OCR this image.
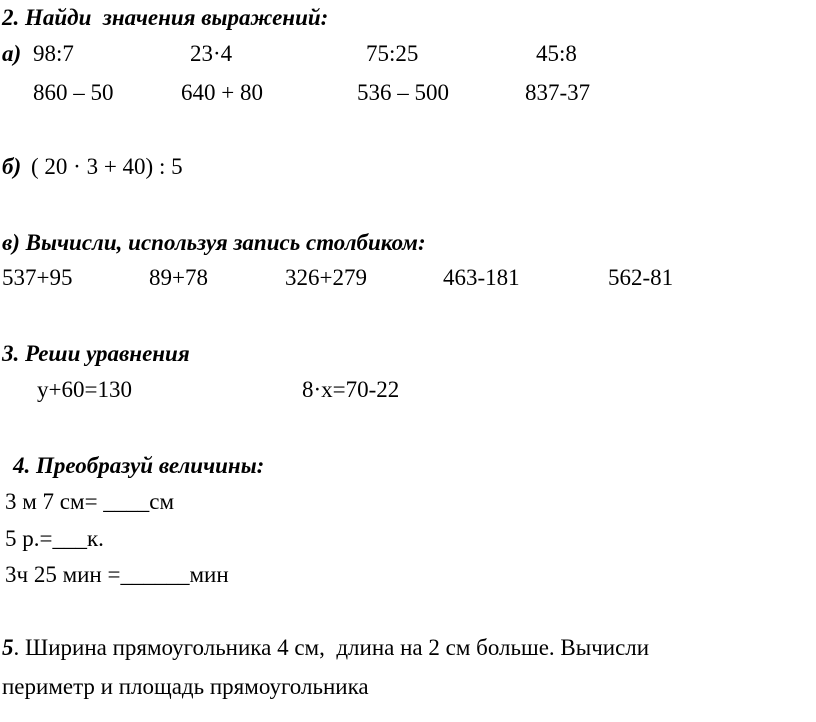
2. Найди  значения выражений:
а) 98:7	23·4	75:25	45:8
860 – 50	640 + 80	536 – 500	837-37
б) ( 20 · 3 + 40) : 5
в) Вычисли, используя запись столбиком:
537+95	89+78	326+279	463-181	562-81
3. Реши уравнения
у+60=130	8·х=70-22
4. Преобразуй величины:
3 м 7 см= ____см
5 р.=___к.
3ч 25 мин =______мин
5. Ширина прямоугольника 4 см,  длина на 2 см больше. Вычисли
периметр и площадь прямоугольника
